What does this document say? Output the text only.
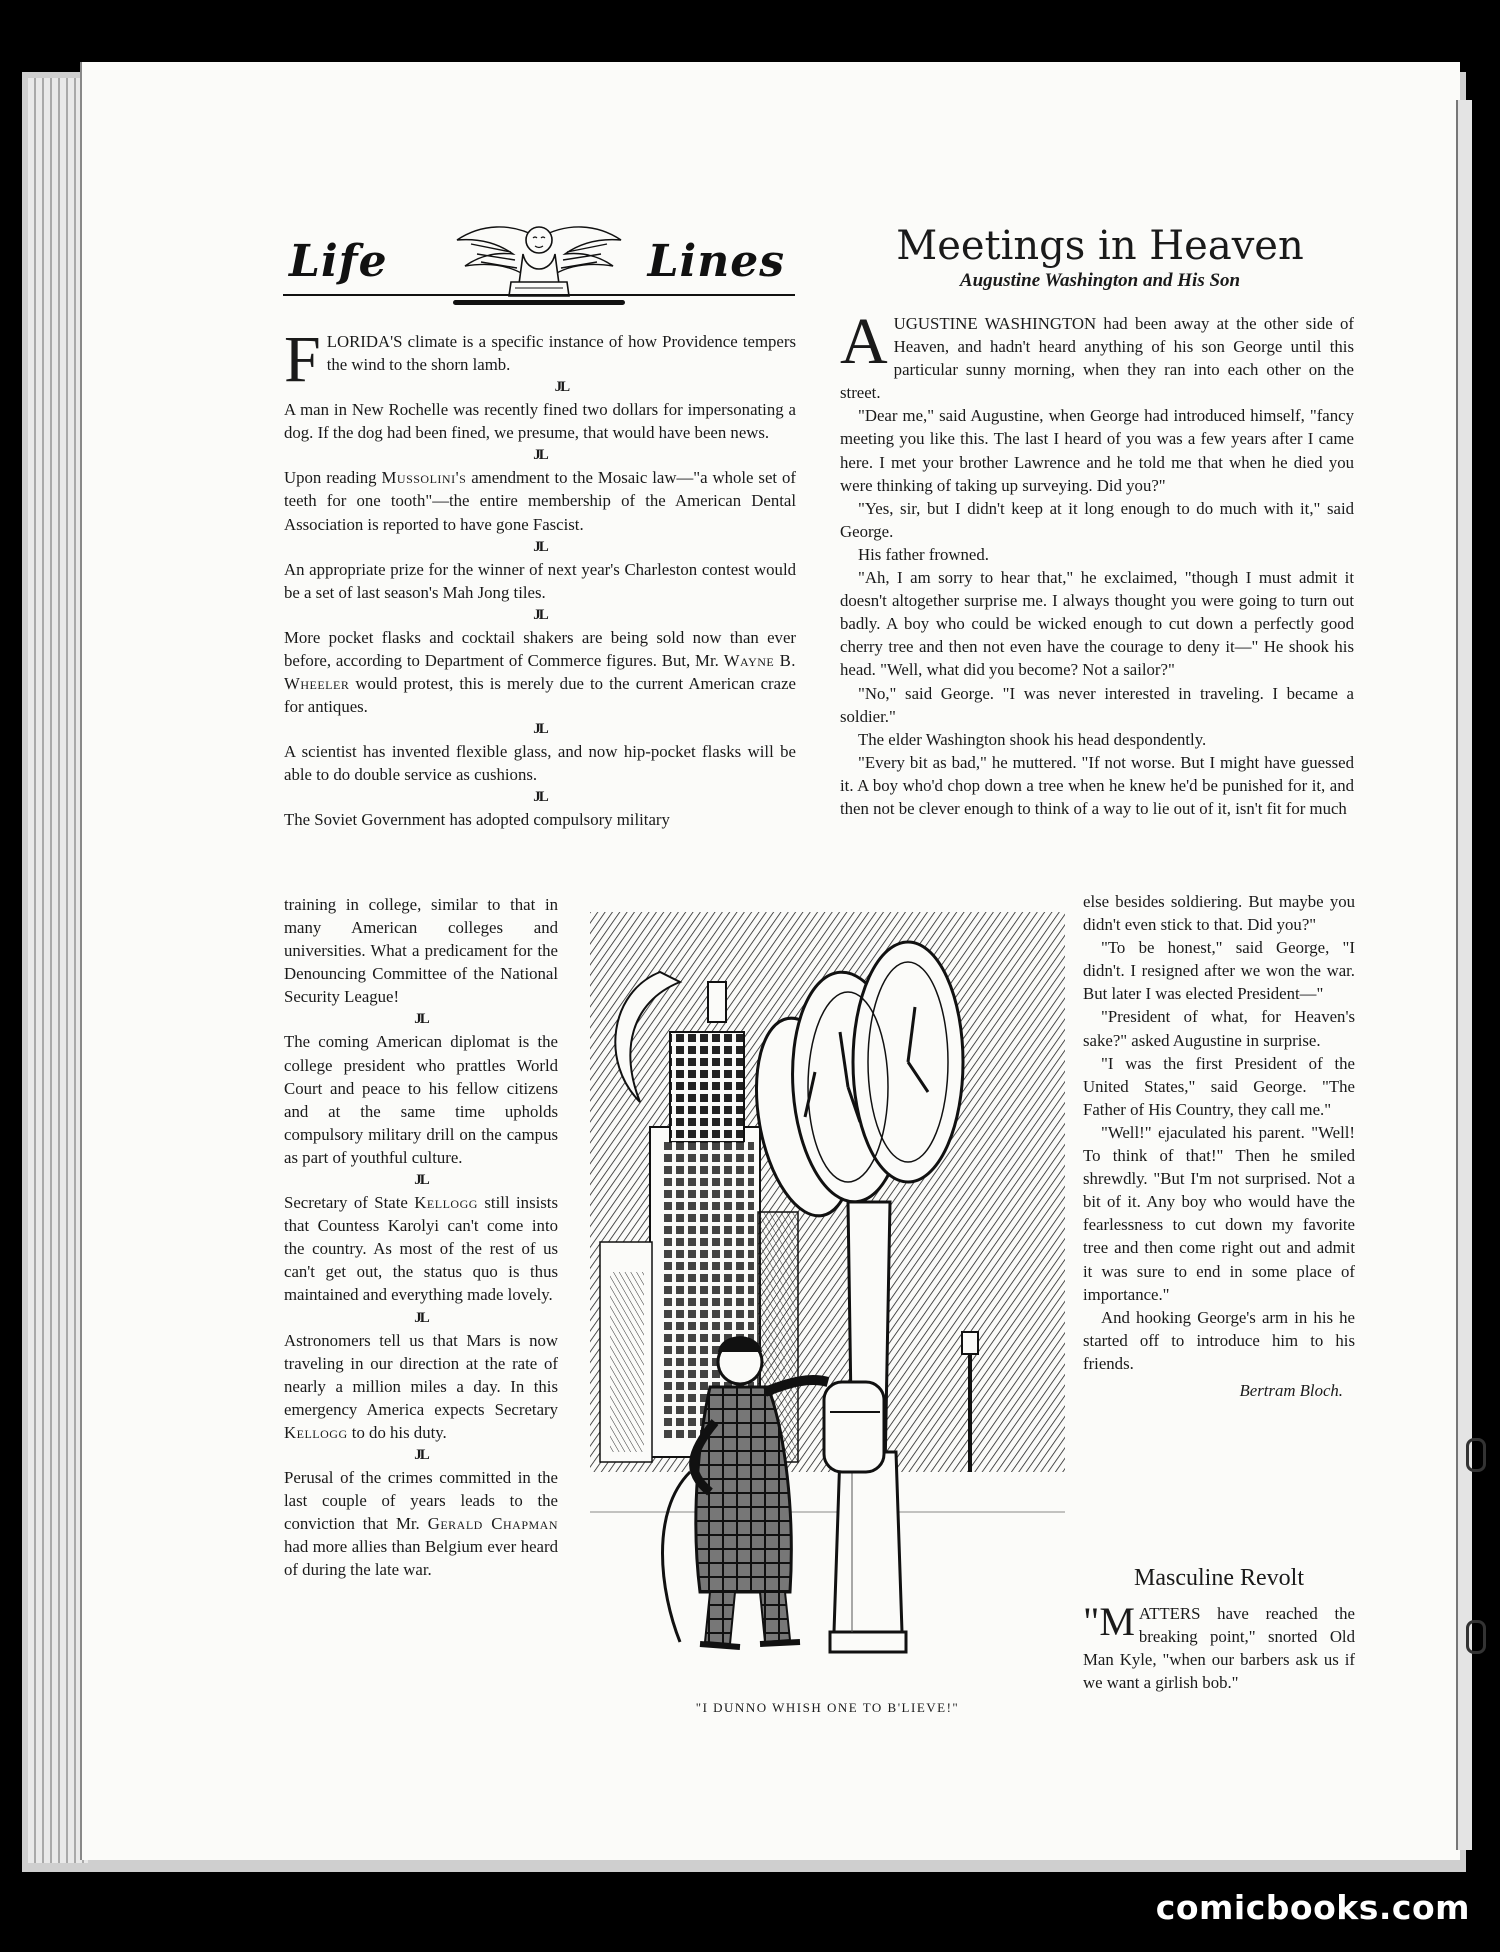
Life	Lines

FLORIDA'S climate is a specific instance of how Providence tempers the wind to the shorn lamb.

JL

A man in New Rochelle was recently fined two dollars for impersonating a dog. If the dog had been fined, we presume, that would have been news.

JL

Upon reading Mussolini's amendment to the Mosaic law—"a whole set of teeth for one tooth"—the entire membership of the American Dental Association is reported to have gone Fascist.

JL

An appropriate prize for the winner of next year's Charleston contest would be a set of last season's Mah Jong tiles.

JL

More pocket flasks and cocktail shakers are being sold now than ever before, according to Department of Commerce figures. But, Mr. Wayne B. Wheeler would protest, this is merely due to the current American craze for antiques.

JL

A scientist has invented flexible glass, and now hip-pocket flasks will be able to do double service as cushions.

JL

The Soviet Government has adopted compulsory military

training in college, similar to that in many American colleges and universities. What a predicament for the Denouncing Committee of the National Security League!

JL

The coming American diplomat is the college president who prattles World Court and peace to his fellow citizens and at the same time upholds compulsory military drill on the campus as part of youthful culture.

JL

Secretary of State Kellogg still insists that Countess Karolyi can't come into the country. As most of the rest of us can't get out, the status quo is thus maintained and everything made lovely.

JL

Astronomers tell us that Mars is now traveling in our direction at the rate of nearly a million miles a day. In this emergency America expects Secretary Kellogg to do his duty.

JL

Perusal of the crimes committed in the last couple of years leads to the conviction that Mr. Gerald Chapman had more allies than Belgium ever heard of during the late war.

Meetings in Heaven
Augustine Washington and His Son

AUGUSTINE WASHINGTON had been away at the other side of Heaven, and hadn't heard anything of his son George until this particular sunny morning, when they ran into each other on the street.

"Dear me," said Augustine, when George had introduced himself, "fancy meeting you like this. The last I heard of you was a few years after I came here. I met your brother Lawrence and he told me that when he died you were thinking of taking up surveying. Did you?"

"Yes, sir, but I didn't keep at it long enough to do much with it," said George.

His father frowned.

"Ah, I am sorry to hear that," he exclaimed, "though I must admit it doesn't altogether surprise me. I always thought you were going to turn out badly. A boy who could be wicked enough to cut down a perfectly good cherry tree and then not even have the courage to deny it—" He shook his head. "Well, what did you become? Not a sailor?"

"No," said George. "I was never interested in traveling. I became a soldier."

The elder Washington shook his head despondently.

"Every bit as bad," he muttered. "If not worse. But I might have guessed it. A boy who'd chop down a tree when he knew he'd be punished for it, and then not be clever enough to think of a way to lie out of it, isn't fit for much

else besides soldiering. But maybe you didn't even stick to that. Did you?"

"To be honest," said George, "I didn't. I resigned after we won the war. But later I was elected President—"

"President of what, for Heaven's sake?" asked Augustine in surprise.

"I was the first President of the United States," said George. "The Father of His Country, they call me."

"Well!" ejaculated his parent. "Well! To think of that!" Then he smiled shrewdly. "But I'm not surprised. Not a bit of it. Any boy who would have the fearlessness to cut down my favorite tree and then come right out and admit it was sure to end in some place of importance."

And hooking George's arm in his he started off to introduce him to his friends.

Bertram Bloch.
Masculine Revolt

"M ATTERS have reached the breaking point," snorted Old Man Kyle, "when our barbers ask us if we want a girlish bob."

"I DUNNO WHISH ONE TO B'LIEVE!"
comicbooks.com
